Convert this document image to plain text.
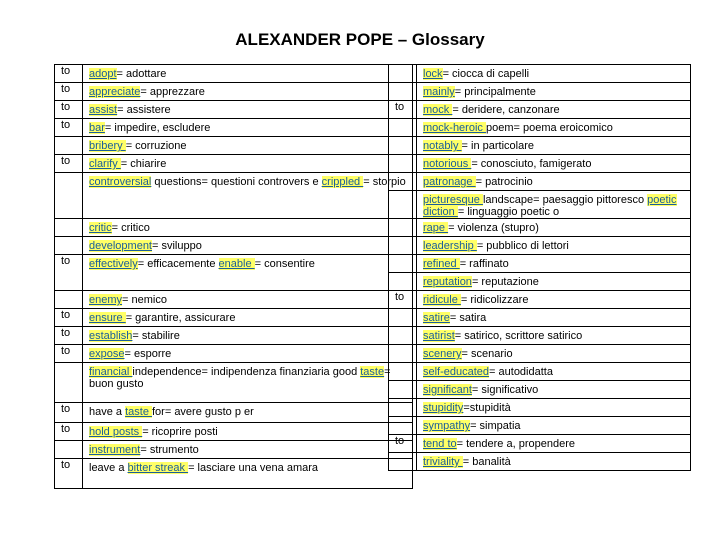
ALEXANDER POPE – Glossary
to	adopt= adottare

to	appreciate= apprezzare

to	assist= assistere

to	bar= impedire, escludere

	bribery = corruzione

to	clarify = chiarire

	controversial questions= questioni controvers e crippled = storpio

	critic= critico

	development= sviluppo

to	effectively= efficacemente enable = consentire

	enemy= nemico

to	ensure = garantire, assicurare

to	establish= stabilire

to	expose= esporre

	financial independence= indipendenza finanziaria good taste= buon gusto

to	have a taste for= avere gusto p er

to	hold posts = ricoprire posti

	instrument= strumento

to	leave a bitter streak = lasciare una vena amara

	lock= ciocca di capelli

	mainly= principalmente

to	mock = deridere, canzonare

	mock-heroic poem= poema eroicomico

	notably = in particolare

	notorious = conosciuto, famigerato

	patronage = patrocinio

	picturesque landscape= paesaggio pittoresco poetic diction = linguaggio poetic o

	rape = violenza (stupro)

	leadership = pubblico di lettori

	refined = raffinato

	reputation= reputazione

to	ridicule = ridicolizzare

	satire= satira

	satirist= satirico, scrittore satirico

	scenery= scenario

	self-educated= autodidatta

	significant= significativo

	stupidity=stupidità

	sympathy= simpatia

to	tend to= tendere a, propendere

	triviality = banalità
